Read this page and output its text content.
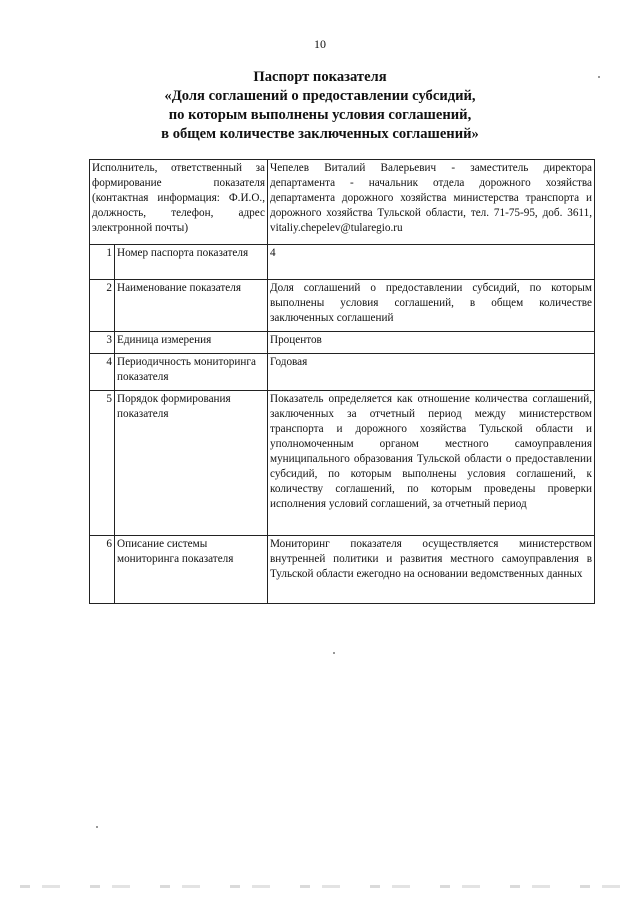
10
Паспорт показателя
«Доля соглашений о предоставлении субсидий,
по которым выполнены условия соглашений,
в общем количестве заключенных соглашений»
Исполнитель, ответственный за формирование показателя (контактная информация: Ф.И.О., должность, телефон, адрес электронной почты)		Чепелев Виталий Валерьевич - заместитель директора департамента - начальник отдела дорожного хозяйства департамента дорожного хозяйства министерства транспорта и дорожного хозяйства Тульской области, тел. 71-75-95, доб. 3611, vitaliy.chepelev@tularegio.ru
1	Номер паспорта показателя	4
2	Наименование показателя	Доля соглашений о предоставлении субсидий, по которым выполнены условия соглашений, в общем количестве заключенных соглашений
3	Единица измерения	Процентов
4	Периодичность мониторинга показателя	Годовая
5	Порядок формирования показателя	Показатель определяется как отношение количества соглашений, заключенных за отчетный период между министерством транспорта и дорожного хозяйства Тульской области и уполномоченным органом местного самоуправления муниципального образования Тульской области о предоставлении субсидий, по которым выполнены условия соглашений, к количеству соглашений, по которым проведены проверки исполнения условий соглашений, за отчетный период
6	Описание системы мониторинга показателя	Мониторинг показателя осуществляется министерством внутренней политики и развития местного самоуправления в Тульской области ежегодно на основании ведомственных данных
